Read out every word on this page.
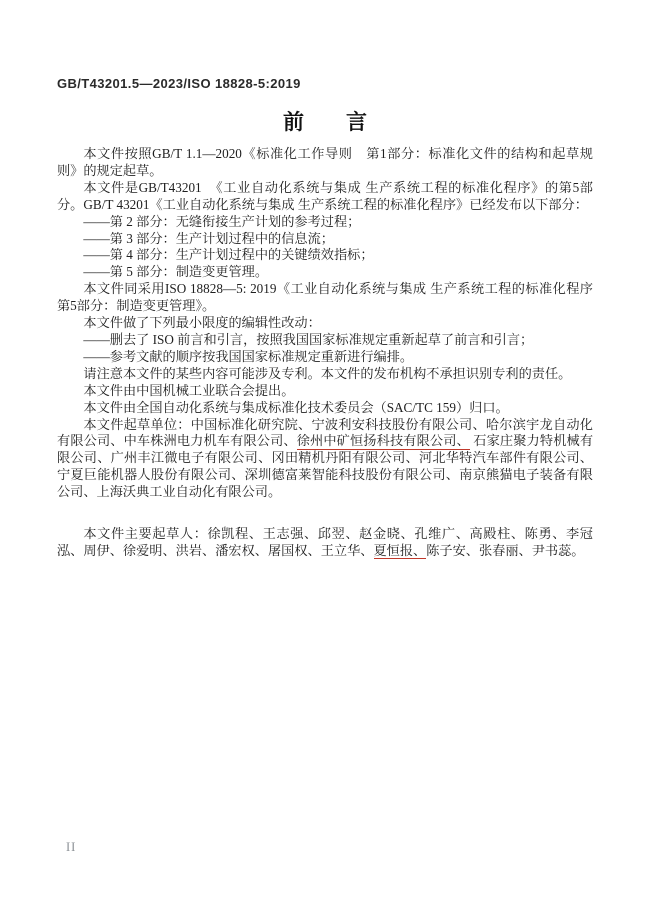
GB/T43201.5—2023/ISO 18828-5:2019
前　　言

本文件按照GB/T 1.1—2020《标准化工作导则　第1部分：标准化文件的结构和起草规则》的规定起草。

本文件是GB/T43201　《工业自动化系统与集成 生产系统工程的标准化程序》的第5部分。GB/T 43201《工业自动化系统与集成 生产系统工程的标准化程序》已经发布以下部分：

——第 2 部分：无缝衔接生产计划的参考过程；

——第 3 部分：生产计划过程中的信息流；

——第 4 部分：生产计划过程中的关键绩效指标；

——第 5 部分：制造变更管理。

本文件同采用ISO 18828—5: 2019《工业自动化系统与集成 生产系统工程的标准化程序　第5部分：制造变更管理》。

本文件做了下列最小限度的编辑性改动：

——删去了 ISO 前言和引言，按照我国国家标准规定重新起草了前言和引言；

——参考文献的顺序按我国国家标准规定重新进行编排。

请注意本文件的某些内容可能涉及专利。本文件的发布机构不承担识别专利的责任。

本文件由中国机械工业联合会提出。

本文件由全国自动化系统与集成标准化技术委员会（SAC/TC 159）归口。

本文件起草单位：中国标准化研究院、宁波利安科技股份有限公司、哈尔滨宇龙自动化有限公司、中车株洲电力机车有限公司、徐州中矿恒扬科技有限公司、 石家庄聚力特机械有限公司、广州丰江微电子有限公司、冈田精机丹阳有限公司、河北华特汽车部件有限公司、宁夏巨能机器人股份有限公司、深圳德富莱智能科技股份有限公司、南京熊猫电子装备有限公司、上海沃典工业自动化有限公司。

本文件主要起草人：徐凯程、王志强、邱翌、赵金晓、孔维广、高殿柱、陈勇、李冠泓、周伊、徐爱明、洪岩、潘宏权、屠国权、王立华、夏恒报、陈子安、张春丽、尹书蕊。

II
